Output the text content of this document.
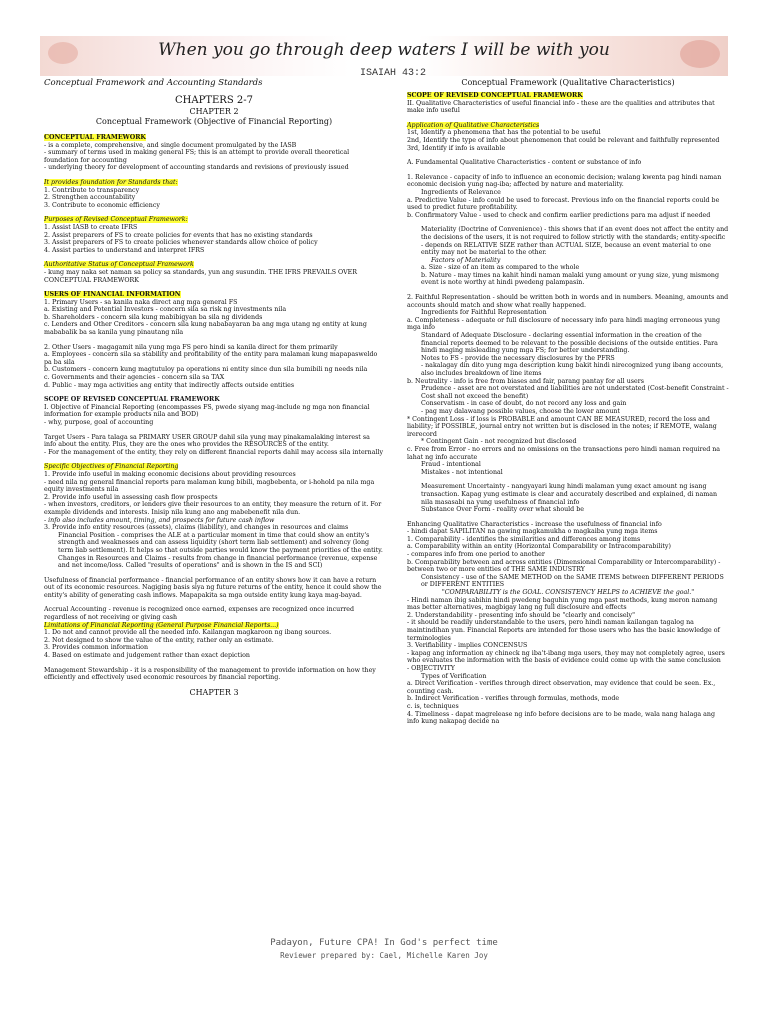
When you go through deep waters I will be with you
ISAIAH 43:2

Conceptual Framework and Accounting Standards

CHAPTERS 2-7

CHAPTER 2

Conceptual Framework (Objective of Financial Reporting)

CONCEPTUAL FRAMEWORK

- is a complete, comprehensive, and single document promulgated by the IASB

- summary of terms used in making general FS; this is an attempt to provide overall theoretical foundation for accounting

- underlying theory for development of accounting standards and revisions of previously issued

It provides foundation for Standards that:

1. Contribute to transparency

2. Strengthen accountability

3. Contribute to economic efficiency

Purposes of Revised Conceptual Framework:

1. Assist IASB to create IFRS

2. Assist preparers of FS to create policies for events that has no existing standards

3. Assist preparers of FS to create policies whenever standards allow choice of policy

4. Assist parties to understand and interpret IFRS

Authoritative Status of Conceptual Framework

- kung may naka set naman sa policy sa standards, yun ang susundin. THE IFRS PREVAILS OVER CONCEPTUAL FRAMEWORK

USERS OF FINANCIAL INFORMATION

1. Primary Users - sa kanila naka direct ang mga general FS

a. Existing and Potential Investors - concern sila sa risk ng investments nila

b. Shareholders - concern sila kung mabibigyan ba sila ng dividends

c. Lenders and Other Creditors - concern sila kung nababayaran ba ang mga utang ng entity at kung mababalik ba sa kanila yung pinautang nila

2. Other Users - magagamit nila yung mga FS pero hindi sa kanila direct for them primarily

a. Employees - concern sila sa stability and profitability of the entity para malaman kung mapapasweldo pa ba sila

b. Customers - concern kung magtutuloy pa operations ni entity since dun sila bumibili ng needs nila

c. Governments and their agencies - concern sila sa TAX

d. Public - may mga activities ang entity that indirectly affects outside entities

SCOPE OF REVISED CONCEPTUAL FRAMEWORK

I. Objective of Financial Reporting (encompasses FS, pwede siyang mag-include ng mga non financial information for example products nila and BOD)

- why, purpose, goal of accounting

Target Users - Para talaga sa PRIMARY USER GROUP dahil sila yung may pinakamalaking interest sa info about the entity. Plus, they are the ones who provides the RESOURCES of the entity.

- For the management of the entity, they rely on different financial reports dahil may access sila internally

Specific Objectives of Financial Reporting

1. Provide info useful in making economic decisions about providing resources

- need nila ng general financial reports para malaman kung bibili, magbebenta, or i-hohold pa nila mga equity investments nila

2. Provide info useful in assessing cash flow prospects

- when investors, creditors, or lenders give their resources to an entity, they measure the return of it. For example dividends and interests. Inisip nila kung ano ang mabebenefit nila dun.

- info also includes amount, timing, and prospects for future cash inflow

3. Provide info entity resources (assets), claims (liability), and changes in resources and claims

Financial Position - comprises the ALE at a particular moment in time that could show an entity's strength and weaknesses and can assess liquidity (short term liab settlement) and solvency (long term liab settlement). It helps so that outside parties would know the payment priorities of the entity.

Changes in Resources and Claims - results from change in financial performance (revenue, expense and net income/loss. Called "results of operations" and is shown in the IS and SCI)

Usefulness of financial performance - financial performance of an entity shows how it can have a return out of its economic resources. Nagiging basis siya ng future returns of the entity, hence it could show the entity's ability of generating cash inflows. Mapapakita sa mga outside entity kung kaya mag-bayad.

Accrual Accounting - revenue is recognized once earned, expenses are recognized once incurred regardless of not receiving or giving cash

Limitations of Financial Reporting (General Purpose Financial Reports...)

1. Do not and cannot provide all the needed info. Kailangan magkaroon ng ibang sources.

2. Not designed to show the value of the entity, rather only an estimate.

3. Provides common information

4. Based on estimate and judgement rather than exact depiction

Management Stewardship - it is a responsibility of the management to provide information on how they efficiently and effectively used economic resources by financial reporting.

CHAPTER 3

Conceptual Framework (Qualitative Characteristics)

SCOPE OF REVISED CONCEPTUAL FRAMEWORK

II. Qualitative Characteristics of useful financial info - these are the qualities and attributes that make info useful

Application of Qualitative Characteristics

1st, Identify a phenomena that has the potential to be useful

2nd, Identify the type of info about phenomenon that could be relevant and faithfully represented

3rd, Identify if info is available

A. Fundamental Qualitative Characteristics - content or substance of info

1. Relevance - capacity of info to influence an economic decision; walang kwenta pag hindi naman economic decision yung nag-iba; affected by nature and materiality.

Ingredients of Relevance

a. Predictive Value - info could be used to forecast. Previous info on the financial reports could be used to predict future profitability.

b. Confirmatory Value - used to check and confirm earlier predictions para ma adjust if needed

Materiality (Doctrine of Convenience) - this shows that if an event does not affect the entity and the decisions of the users, it is not required to follow strictly with the standards; entity-specific

- depends on RELATIVE SIZE rather than ACTUAL SIZE, because an event material to one entity may not be material to the other.

Factors of Materiality

a. Size - size of an item as compared to the whole

b. Nature - may times na kahit hindi naman malaki yung amount or yung size, yung mismong event is note worthy at hindi pwedeng palampasin.

2. Faithful Representation - should be written both in words and in numbers. Meaning, amounts and accounts should match and show what really happened.

Ingredients for Faithful Representation

a. Completeness - adequate or full disclosure of necessary info para hindi maging erroneous yung mga info

Standard of Adequate Disclosure - declaring essential information in the creation of the financial reports deemed to be relevant to the possible decisions of the outside entities. Para hindi maging misleading yung mga FS; for better understanding.

Notes to FS - provide the necessary disclosures by the PFRS

- nakalagay din dito yung mga description kung bakit hindi nirecognized yung ibang accounts, also includes breakdown of line items

b. Neutrality - info is free from biases and fair, parang pantay for all users

Prudence - asset are not overstated and liabilities are not understated (Cost-benefit Constraint - Cost shall not exceed the benefit)

Conservatism - in case of doubt, do not record any loss and gain

- pag may dalawang possible values, choose the lower amount

* Contingent Loss - if loss is PROBABLE and amount CAN BE MEASURED, record the loss and liability; if POSSIBLE, journal entry not written but is disclosed in the notes; if REMOTE, walang irerecord

* Contingent Gain - not recognized but disclosed

c. Free from Error - no errors and no omissions on the transactions pero hindi naman required na lahat ng info accurate

Fraud - intentional

Mistakes - not intentional

Measurement Uncertainty - nangyayari kung hindi malaman yung exact amount ng isang transaction. Kapag yung estimate is clear and accurately described and explained, di naman nila masasabi na yung usefulness of financial info

Substance Over Form - reality over what should be

Enhancing Qualitative Characteristics - increase the usefulness of financial info

- hindi dapat SAPILITAN na gawing magkamukha o magkaiba yung mga items

1. Comparability - identifies the similarities and differences among items

a. Comparability within an entity (Horizontal Comparability or Intracomparability)

- compares info from one period to another

b. Comparability between and across entities (Dimensional Comparability or Intercomparability) - between two or more entities of THE SAME INDUSTRY

Consistency - use of the SAME METHOD on the SAME ITEMS between DIFFERENT PERIODS or DIFFERENT ENTITIES

"COMPARABILITY is the GOAL. CONSISTENCY HELPS to ACHIEVE the goal."

- Hindi naman ibig sabihin hindi pwedeng baguhin yung mga past methods, kung meron namang mas better alternatives, magbigay lang ng full disclosure and effects

2. Understandability - presenting info should be "clearly and concisely"

- it should be readily understandable to the users, pero hindi naman kailangan tagalog na maintindihan yun. Financial Reports are intended for those users who has the basic knowledge of terminologies

3. Verifiability - implies CONCENSUS

- kapag ang information ay chineck ng iba't-ibang mga users, they may not completely agree, users who evaluates the information with the basis of evidence could come up with the same conclusion

- OBJECTIVITY

Types of Verification

a. Direct Verification - verifies through direct observation, may evidence that could be seen. Ex., counting cash.

b. Indirect Verification - verifies through formulas, methods, mode

c. is, techniques

4. Timeliness - dapat magrelease ng info before decisions are to be made, wala nang halaga ang info kung nakapag decide na

Padayon, Future CPA! In God's perfect time
Reviewer prepared by: Cael, Michelle Karen Joy
